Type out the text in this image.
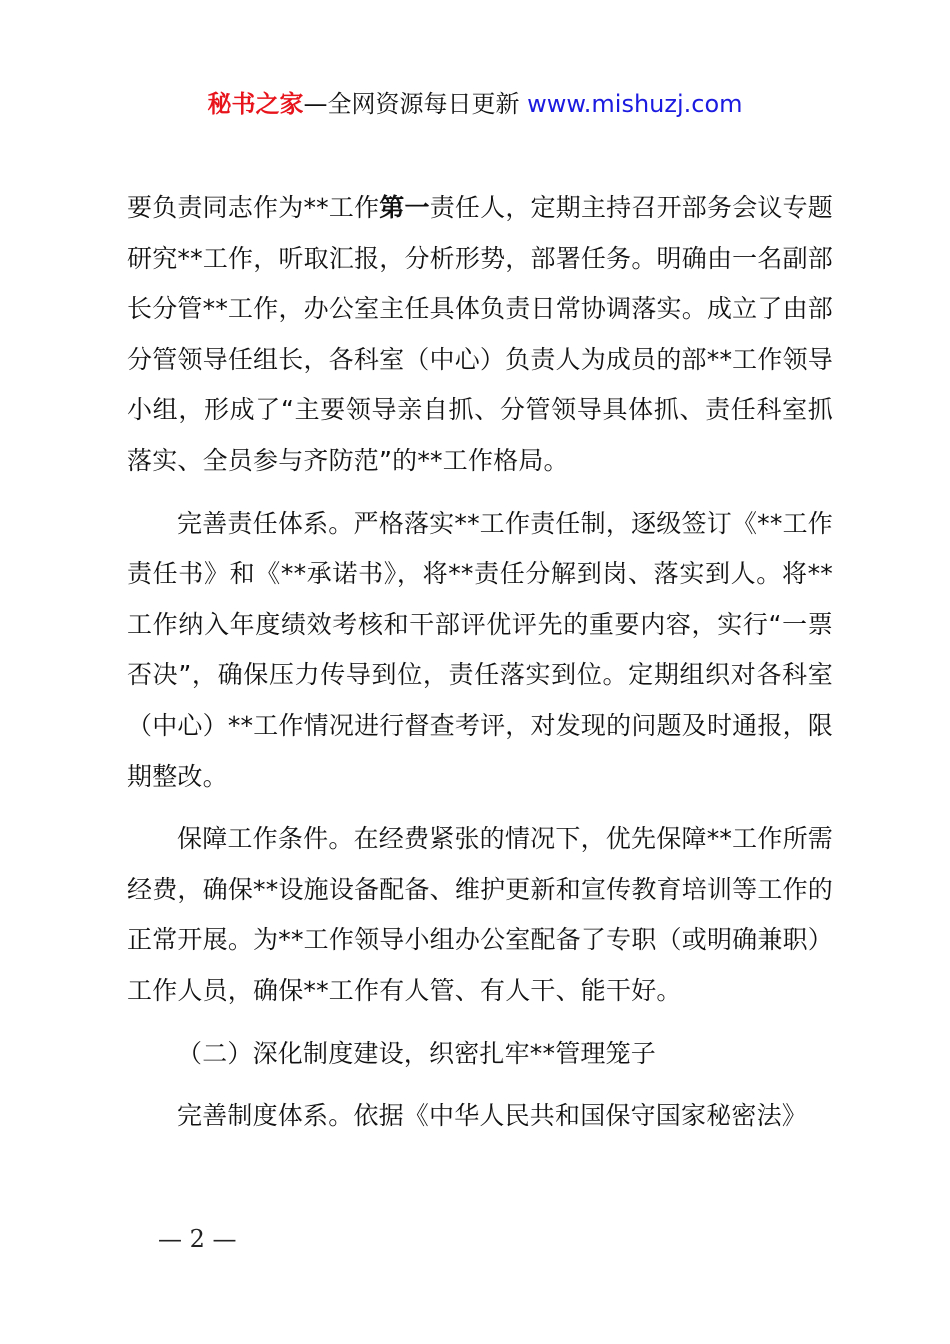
秘书之家—全网资源每日更新 www.mishuzj.com

要负责同志作为**工作第一责任人，定期主持召开部务会议专题研究**工作，听取汇报，分析形势，部署任务。明确由一名副部长分管**工作，办公室主任具体负责日常协调落实。成立了由部分管领导任组长，各科室（中心）负责人为成员的部**工作领导小组，形成了“主要领导亲自抓、分管领导具体抓、责任科室抓落实、全员参与齐防范”的**工作格局。

完善责任体系。严格落实**工作责任制，逐级签订《**工作责任书》和《**承诺书》，将**责任分解到岗、落实到人。将**工作纳入年度绩效考核和干部评优评先的重要内容，实行“一票否决”，确保压力传导到位，责任落实到位。定期组织对各科室（中心）**工作情况进行督查考评，对发现的问题及时通报，限期整改。

保障工作条件。在经费紧张的情况下，优先保障**工作所需经费，确保**设施设备配备、维护更新和宣传教育培训等工作的正常开展。为**工作领导小组办公室配备了专职（或明确兼职）工作人员，确保**工作有人管、有人干、能干好。

（二）深化制度建设，织密扎牢**管理笼子

完善制度体系。依据《中华人民共和国保守国家秘密法》

— 2 —
